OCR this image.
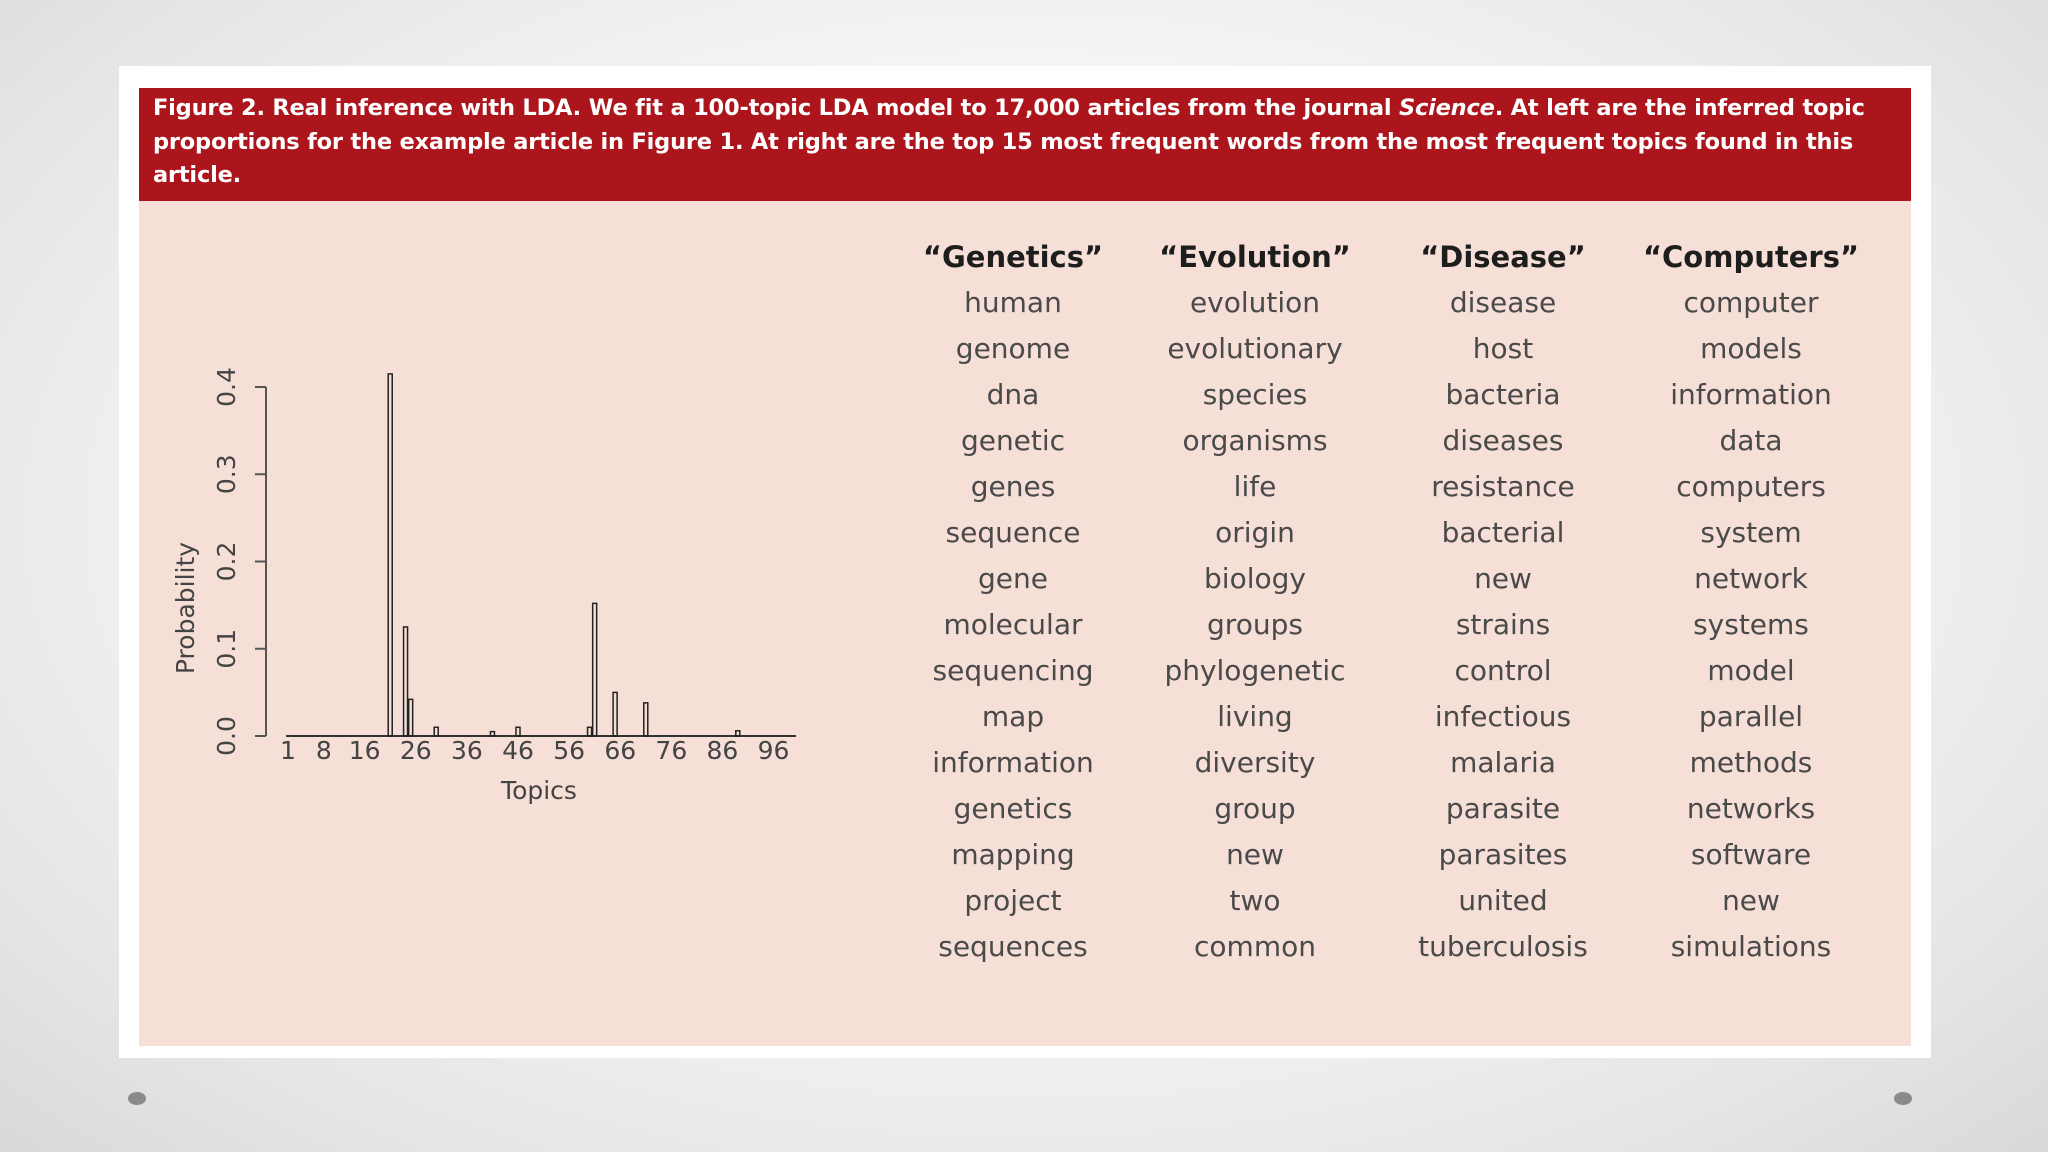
Figure 2. Real inference with LDA. We fit a 100-topic LDA model to 17,000 articles from the journal Science. At left are the inferred topic proportions for the example article in Figure 1. At right are the top 15 most frequent words from the most frequent topics found in this article.

0.0
0.1
0.2
0.3
0.4
1 8 16 26 36 46 56 66 76 86 96
Topics
Probability
“Genetics”
human
genome
dna
genetic
genes
sequence
gene
molecular
sequencing
map
information
genetics
mapping
project
sequences
“Evolution”
evolution
evolutionary
species
organisms
life
origin
biology
groups
phylogenetic
living
diversity
group
new
two
common
“Disease”
disease
host
bacteria
diseases
resistance
bacterial
new
strains
control
infectious
malaria
parasite
parasites
united
tuberculosis
“Computers”
computer
models
information
data
computers
system
network
systems
model
parallel
methods
networks
software
new
simulations
